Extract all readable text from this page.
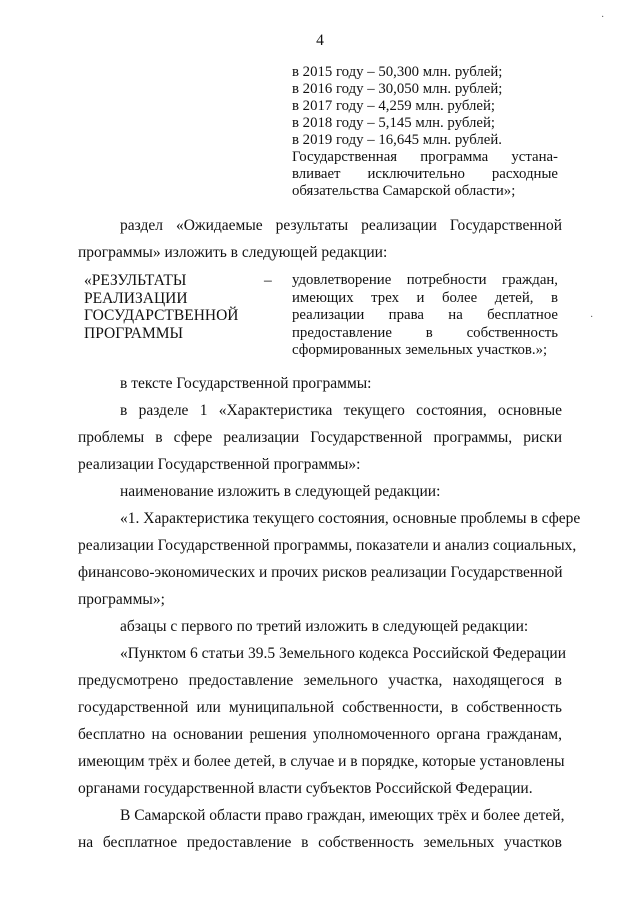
4
в 2015 году – 50,300 млн. рублей;
в 2016 году – 30,050 млн. рублей;
в 2017 году – 4,259 млн. рублей;
в 2018 году – 5,145 млн. рублей;
в 2019 году – 16,645 млн. рублей.
Государственная программа устана-
вливает исключительно расходные
обязательства Самарской области»;
раздел «Ожидаемые результаты реализации Государственной
программы» изложить в следующей редакции:
«РЕЗУЛЬТАТЫ
РЕАЛИЗАЦИИ
ГОСУДАРСТВЕННОЙ
ПРОГРАММЫ
– удовлетворение потребности граждан,
имеющих трех и более детей, в
реализации права на бесплатное
предоставление в собственность
сформированных земельных участков.»;
в тексте Государственной программы:
в разделе 1 «Характеристика текущего состояния, основные
проблемы в сфере реализации Государственной программы, риски
реализации Государственной программы»:
наименование изложить в следующей редакции:
«1. Характеристика текущего состояния, основные проблемы в сфере
реализации Государственной программы, показатели и анализ социальных,
финансово-экономических и прочих рисков реализации Государственной
программы»;
абзацы с первого по третий изложить в следующей редакции:
«Пунктом 6 статьи 39.5 Земельного кодекса Российской Федерации
предусмотрено предоставление земельного участка, находящегося в
государственной или муниципальной собственности, в собственность
бесплатно на основании решения уполномоченного органа гражданам,
имеющим трёх и более детей, в случае и в порядке, которые установлены
органами государственной власти субъектов Российской Федерации.
В Самарской области право граждан, имеющих трёх и более детей,
на бесплатное предоставление в собственность земельных участков
·
·
